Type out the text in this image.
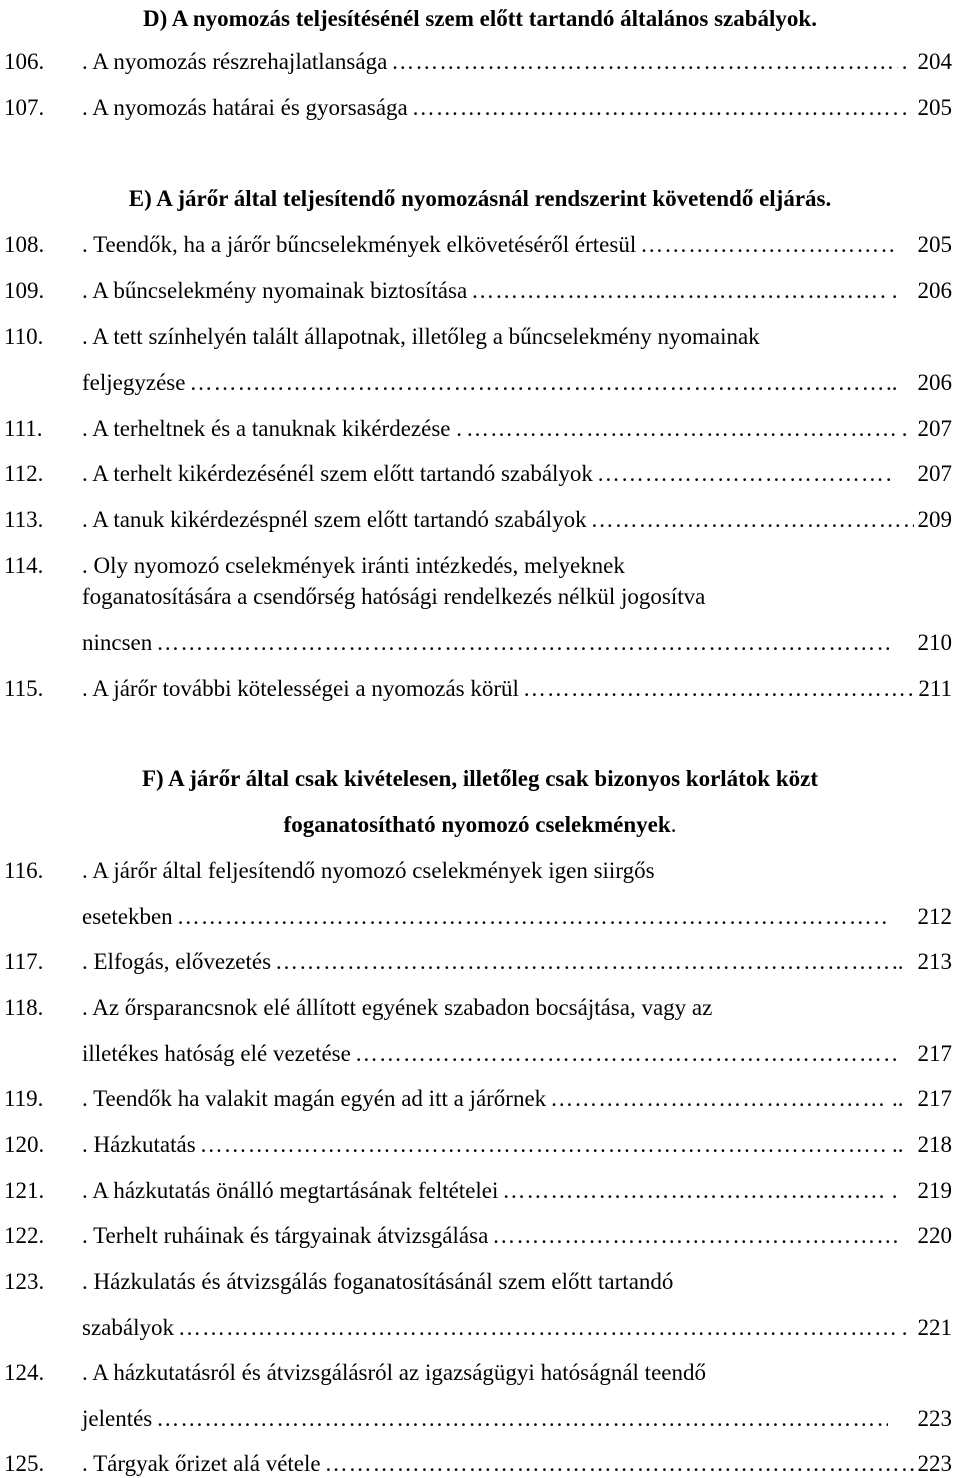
D) A nyomozás teljesítésénél szem előtt tartandó általános szabályok.
106.	. A nyomozás részrehajlatlansága ………………………………………………………………………………………………………………………………………	. 204
107.	. A nyomozás határai és gyorsasága ………………………………………………………………………………………………………………………………………	. 205
E) A járőr által teljesítendő nyomozásnál rendszerint követendő eljárás.
108.	. Teendők, ha a járőr bűncselekmények elkövetéséről értesül ………………………………………………………………………………………………………………………………………	205
109.	. A bűncselekmény nyomainak biztosítása ………………………………………………………………………………………………………………………………………	. 206
110.	. A tett színhelyén talált állapotnak, illetőleg a bűncselekmény nyomainak
feljegyzése ………………………………………………………………………………………………………………………………………	.. 206
111.	. A terheltnek és a tanuknak kikérdezése . ………………………………………………………………………………………………………………………………………	. 207
112.	. A terhelt kikérdezésénél szem előtt tartandó szabályok ………………………………………………………………………………………………………………………………………	207
113.	. A tanuk kikérdezéspnél szem előtt tartandó szabályok ………………………………………………………………………………………………………………………………………	209
114.	. Oly nyomozó cselekmények iránti intézkedés, melyeknek
foganatosítására a csendőrség hatósági rendelkezés nélkül jogosítva
nincsen ………………………………………………………………………………………………………………………………………	210
115.	. A járőr további kötelességei a nyomozás körül ………………………………………………………………………………………………………………………………………	211
F) A járőr által csak kivételesen, illetőleg csak bizonyos korlátok közt
foganatosítható nyomozó cselekmények.
116.	. A járőr által feljesítendő nyomozó cselekmények igen siirgős
esetekben ………………………………………………………………………………………………………………………………………	212
117.	. Elfogás, elővezetés ………………………………………………………………………………………………………………………………………	.. 213
118.	. Az őrsparancsnok elé állított egyének szabadon bocsájtása, vagy az
illetékes hatóság elé vezetése ………………………………………………………………………………………………………………………………………	. 217
119.	. Teendők ha valakit magán egyén ad itt a járőrnek ………………………………………………………………………………………………………………………………………	.. 217
120.	. Házkutatás ………………………………………………………………………………………………………………………………………	.. 218
121.	. A házkutatás önálló megtartásának feltételei ………………………………………………………………………………………………………………………………………	. 219
122.	. Terhelt ruháinak és tárgyainak átvizsgálása ………………………………………………………………………………………………………………………………………	220
123.	. Házkulatás és átvizsgálás foganatosításánál szem előtt tartandó
szabályok ………………………………………………………………………………………………………………………………………	. 221
124.	. A házkutatásról és átvizsgálásról az igazságügyi hatóságnál teendő
jelentés ………………………………………………………………………………………………………………………………………	223
125.	. Tárgyak őrizet alá vétele ………………………………………………………………………………………………………………………………………	223
